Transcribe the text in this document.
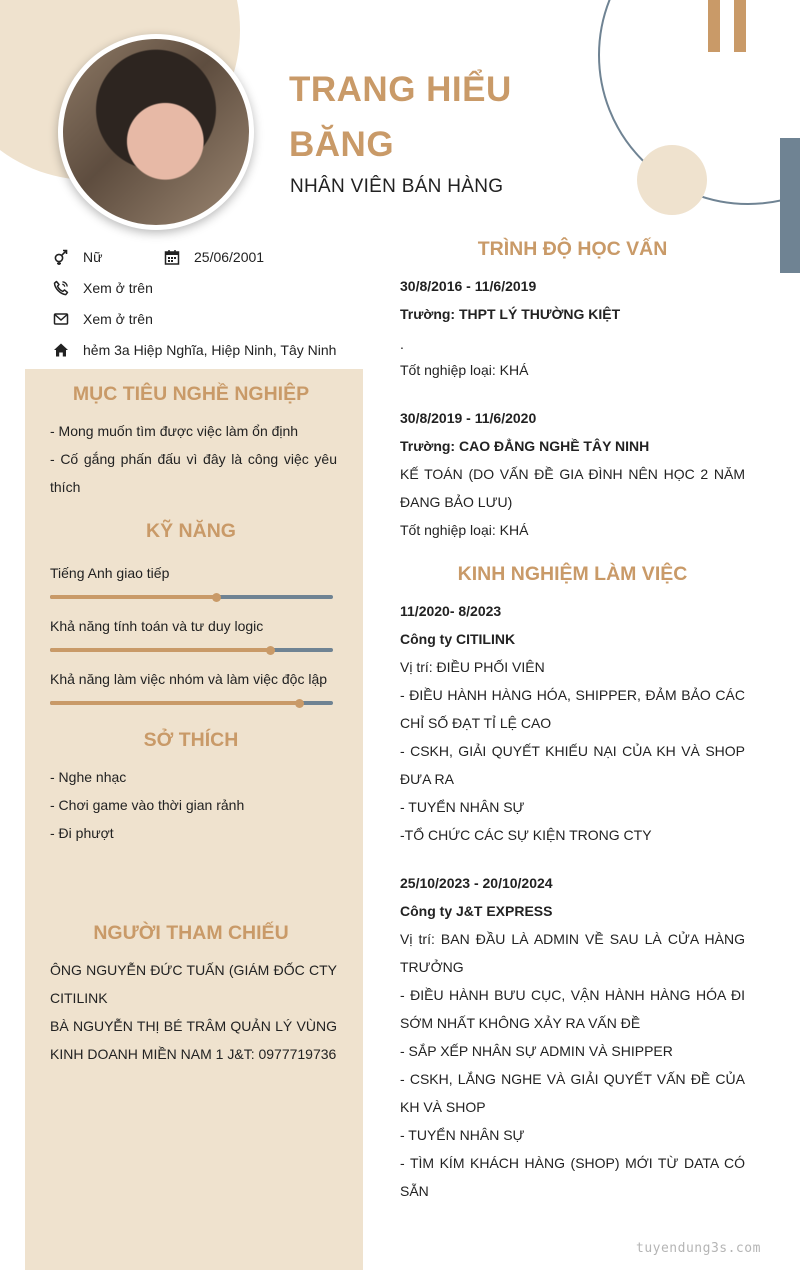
TRANG HIỂU
BĂNG
NHÂN VIÊN BÁN HÀNG
Nữ	25/06/2001
Xem ở trên
Xem ở trên
hẻm 3a Hiệp Nghĩa, Hiệp Ninh, Tây Ninh
MỤC TIÊU NGHỀ NGHIỆP
- Mong muốn tìm được việc làm ổn định
- Cố gắng phấn đấu vì đây là công việc yêu thích
KỸ NĂNG
Tiếng Anh giao tiếp
Khả năng tính toán và tư duy logic
Khả năng làm việc nhóm và làm việc độc lập
SỞ THÍCH
- Nghe nhạc
- Chơi game vào thời gian rảnh
- Đi phượt
NGƯỜI THAM CHIẾU
ÔNG NGUYỄN ĐỨC TUẤN (GIÁM ĐỐC CTY CITILINK
BÀ NGUYỄN THỊ BÉ TRÂM QUẢN LÝ VÙNG KINH DOANH MIỀN NAM 1 J&T: 0977719736
TRÌNH ĐỘ HỌC VẤN
30/8/2016 - 11/6/2019
Trường: THPT LÝ THƯỜNG KIỆT
.
Tốt nghiệp loại: KHÁ
30/8/2019 - 11/6/2020
Trường: CAO ĐẲNG NGHỀ TÂY NINH
KẾ TOÁN (DO VẤN ĐỀ GIA ĐÌNH NÊN HỌC 2 NĂM ĐANG BẢO LƯU)
Tốt nghiệp loại: KHÁ
KINH NGHIỆM LÀM VIỆC
11/2020- 8/2023
Công ty CITILINK
Vị trí: ĐIỀU PHỐI VIÊN
- ĐIỀU HÀNH HÀNG HÓA, SHIPPER, ĐẢM BẢO CÁC CHỈ SỐ ĐẠT TỈ LỆ CAO
- CSKH, GIẢI QUYẾT KHIẾU NẠI CỦA KH VÀ SHOP ĐƯA RA
- TUYỂN NHÂN SỰ
-TỔ CHỨC CÁC SỰ KIỆN TRONG CTY
25/10/2023 - 20/10/2024
Công ty J&T EXPRESS
Vị trí: BAN ĐẦU LÀ ADMIN VỀ SAU LÀ CỬA HÀNG TRƯỞNG
- ĐIỀU HÀNH BƯU CỤC, VẬN HÀNH HÀNG HÓA ĐI SỚM NHẤT KHÔNG XẢY RA VẤN ĐỀ
- SẮP XẾP NHÂN SỰ ADMIN VÀ SHIPPER
- CSKH, LẮNG NGHE VÀ GIẢI QUYẾT VẤN ĐỀ CỦA KH VÀ SHOP
- TUYỂN NHÂN SỰ
- TÌM KÍM KHÁCH HÀNG (SHOP) MỚI TỪ DATA CÓ SẴN
tuyendung3s.com
